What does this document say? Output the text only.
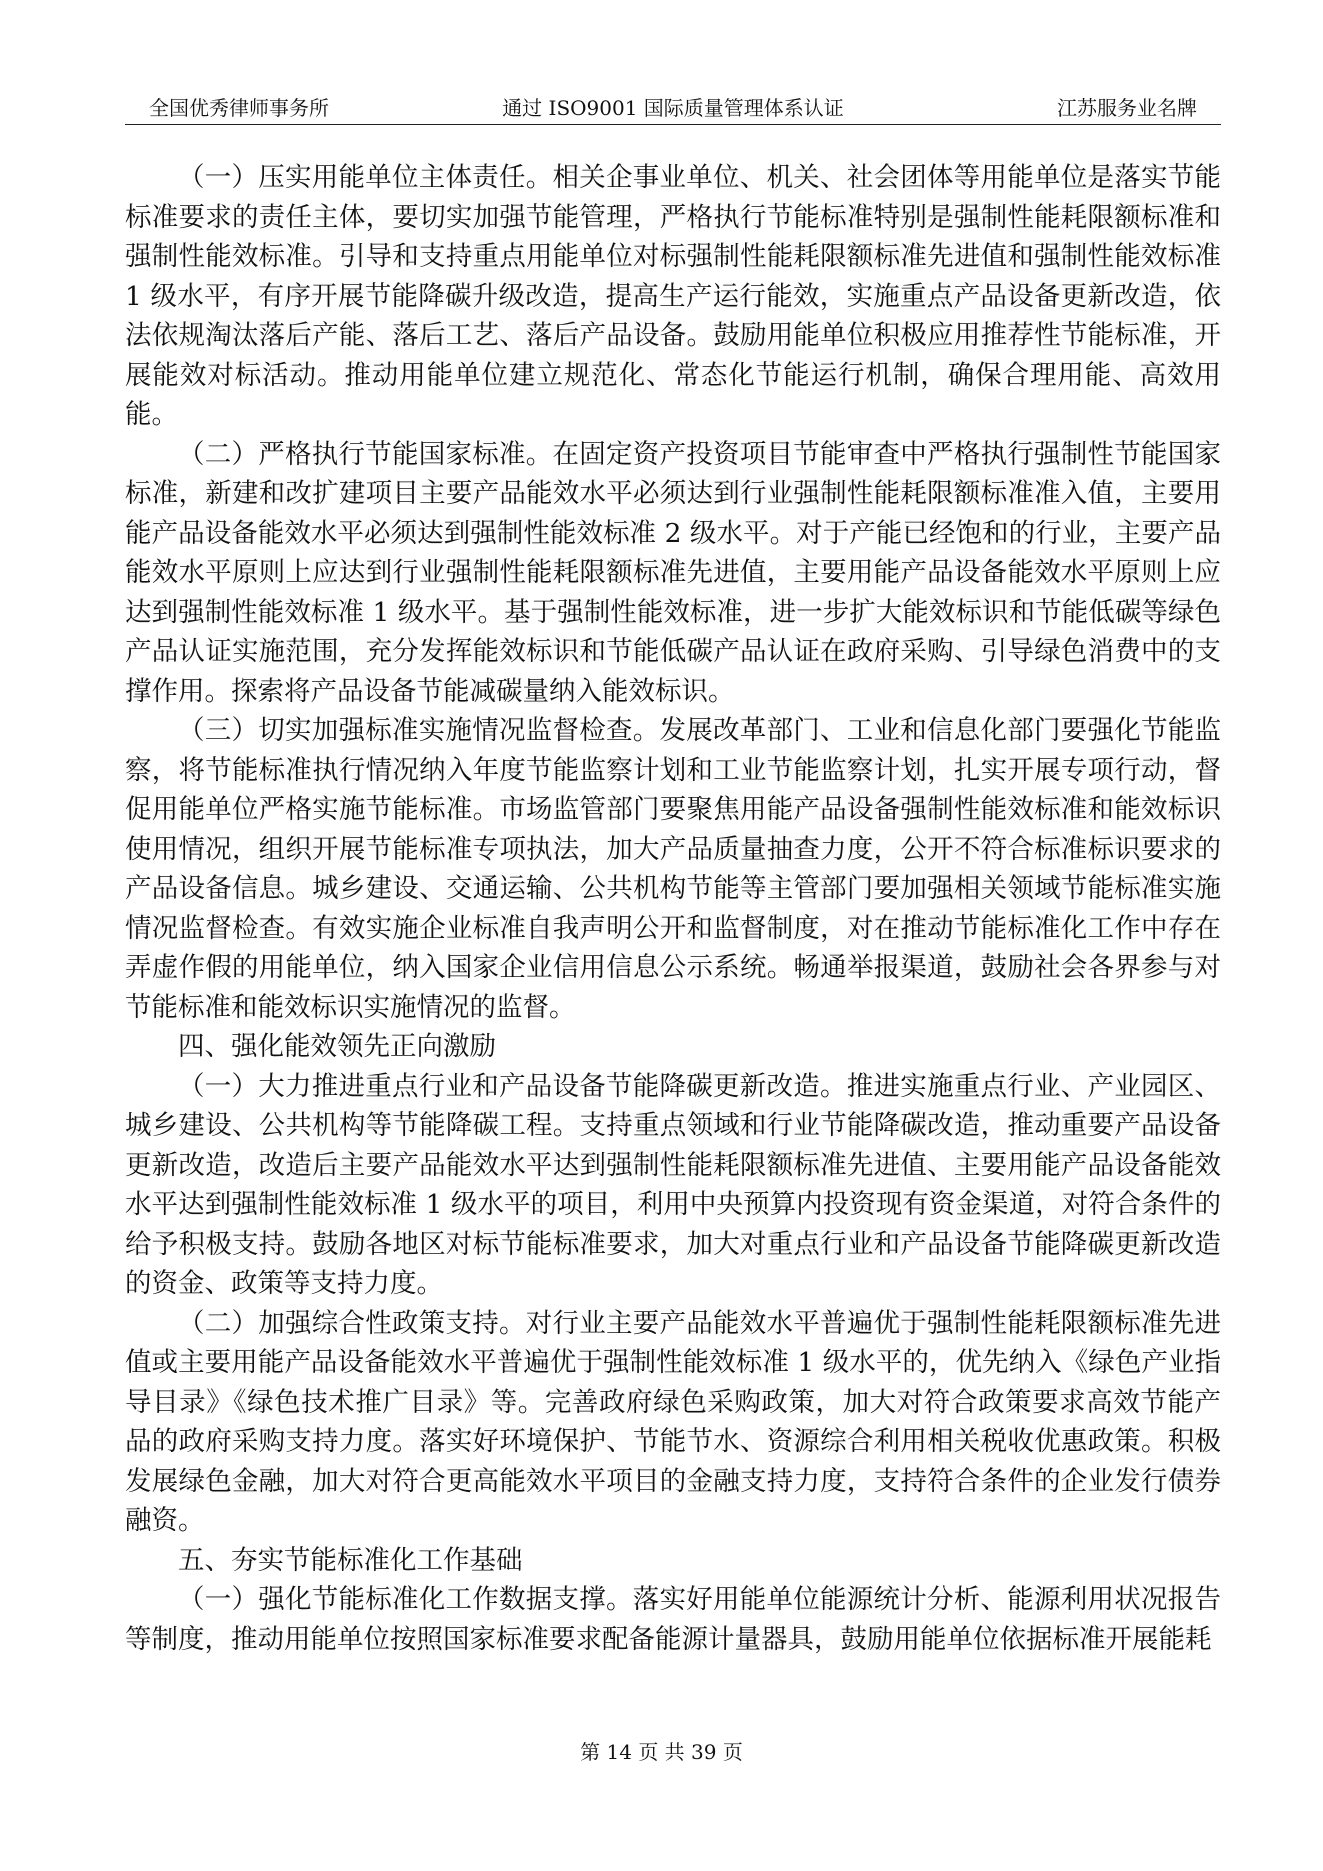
全国优秀律师事务所	通过 ISO9001 国际质量管理体系认证	江苏服务业名牌

（一）压实用能单位主体责任。相关企事业单位、机关、社会团体等用能单位是落实节能标准要求的责任主体，要切实加强节能管理，严格执行节能标准特别是强制性能耗限额标准和强制性能效标准。引导和支持重点用能单位对标强制性能耗限额标准先进值和强制性能效标准1 级水平，有序开展节能降碳升级改造，提高生产运行能效，实施重点产品设备更新改造，依法依规淘汰落后产能、落后工艺、落后产品设备。鼓励用能单位积极应用推荐性节能标准，开展能效对标活动。推动用能单位建立规范化、常态化节能运行机制，确保合理用能、高效用能。

（二）严格执行节能国家标准。在固定资产投资项目节能审查中严格执行强制性节能国家标准，新建和改扩建项目主要产品能效水平必须达到行业强制性能耗限额标准准入值，主要用能产品设备能效水平必须达到强制性能效标准 2 级水平。对于产能已经饱和的行业，主要产品能效水平原则上应达到行业强制性能耗限额标准先进值，主要用能产品设备能效水平原则上应达到强制性能效标准 1 级水平。基于强制性能效标准，进一步扩大能效标识和节能低碳等绿色产品认证实施范围，充分发挥能效标识和节能低碳产品认证在政府采购、引导绿色消费中的支撑作用。探索将产品设备节能减碳量纳入能效标识。

（三）切实加强标准实施情况监督检查。发展改革部门、工业和信息化部门要强化节能监察，将节能标准执行情况纳入年度节能监察计划和工业节能监察计划，扎实开展专项行动，督促用能单位严格实施节能标准。市场监管部门要聚焦用能产品设备强制性能效标准和能效标识使用情况，组织开展节能标准专项执法，加大产品质量抽查力度，公开不符合标准标识要求的产品设备信息。城乡建设、交通运输、公共机构节能等主管部门要加强相关领域节能标准实施情况监督检查。有效实施企业标准自我声明公开和监督制度，对在推动节能标准化工作中存在弄虚作假的用能单位，纳入国家企业信用信息公示系统。畅通举报渠道，鼓励社会各界参与对节能标准和能效标识实施情况的监督。

四、强化能效领先正向激励

（一）大力推进重点行业和产品设备节能降碳更新改造。推进实施重点行业、产业园区、城乡建设、公共机构等节能降碳工程。支持重点领域和行业节能降碳改造，推动重要产品设备更新改造，改造后主要产品能效水平达到强制性能耗限额标准先进值、主要用能产品设备能效水平达到强制性能效标准 1 级水平的项目，利用中央预算内投资现有资金渠道，对符合条件的给予积极支持。鼓励各地区对标节能标准要求，加大对重点行业和产品设备节能降碳更新改造的资金、政策等支持力度。

（二）加强综合性政策支持。对行业主要产品能效水平普遍优于强制性能耗限额标准先进值或主要用能产品设备能效水平普遍优于强制性能效标准 1 级水平的，优先纳入《绿色产业指导目录》《绿色技术推广目录》等。完善政府绿色采购政策，加大对符合政策要求高效节能产品的政府采购支持力度。落实好环境保护、节能节水、资源综合利用相关税收优惠政策。积极发展绿色金融，加大对符合更高能效水平项目的金融支持力度，支持符合条件的企业发行债券融资。

五、夯实节能标准化工作基础

（一）强化节能标准化工作数据支撑。落实好用能单位能源统计分析、能源利用状况报告等制度，推动用能单位按照国家标准要求配备能源计量器具，鼓励用能单位依据标准开展能耗

第 14 页 共 39 页
